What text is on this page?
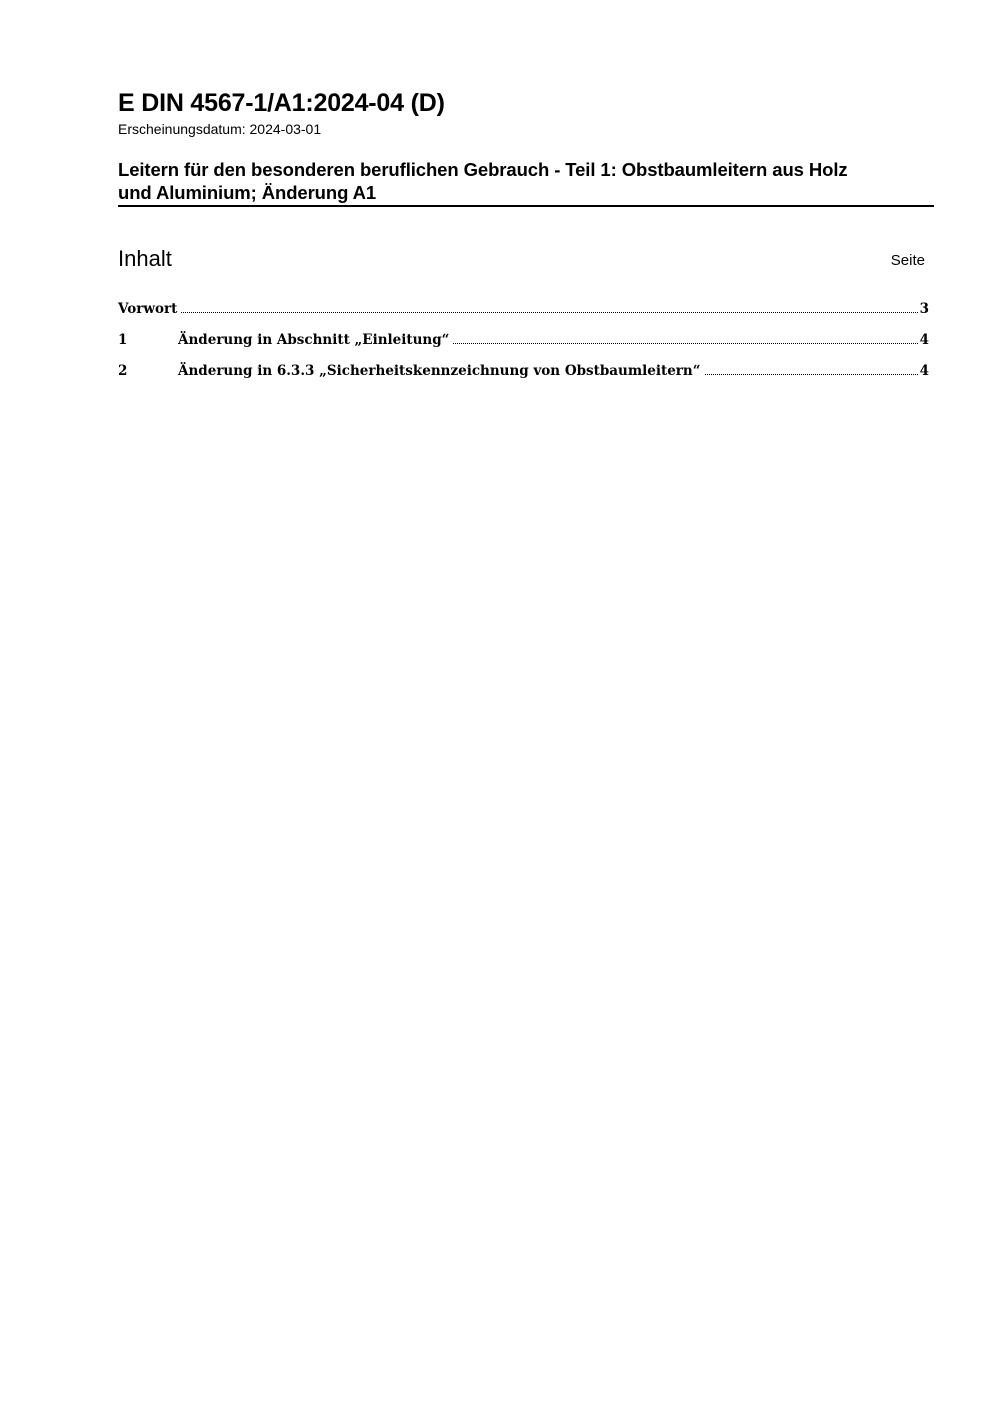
E DIN 4567-1/A1:2024-04 (D)
Erscheinungsdatum: 2024-03-01
Leitern für den besonderen beruflichen Gebrauch - Teil 1: Obstbaumleitern aus Holz
und Aluminium; Änderung A1
Inhalt	Seite
Vorwort	3
1	Änderung in Abschnitt „Einleitung“	4
2	Änderung in 6.3.3 „Sicherheitskennzeichnung von Obstbaumleitern“	4
